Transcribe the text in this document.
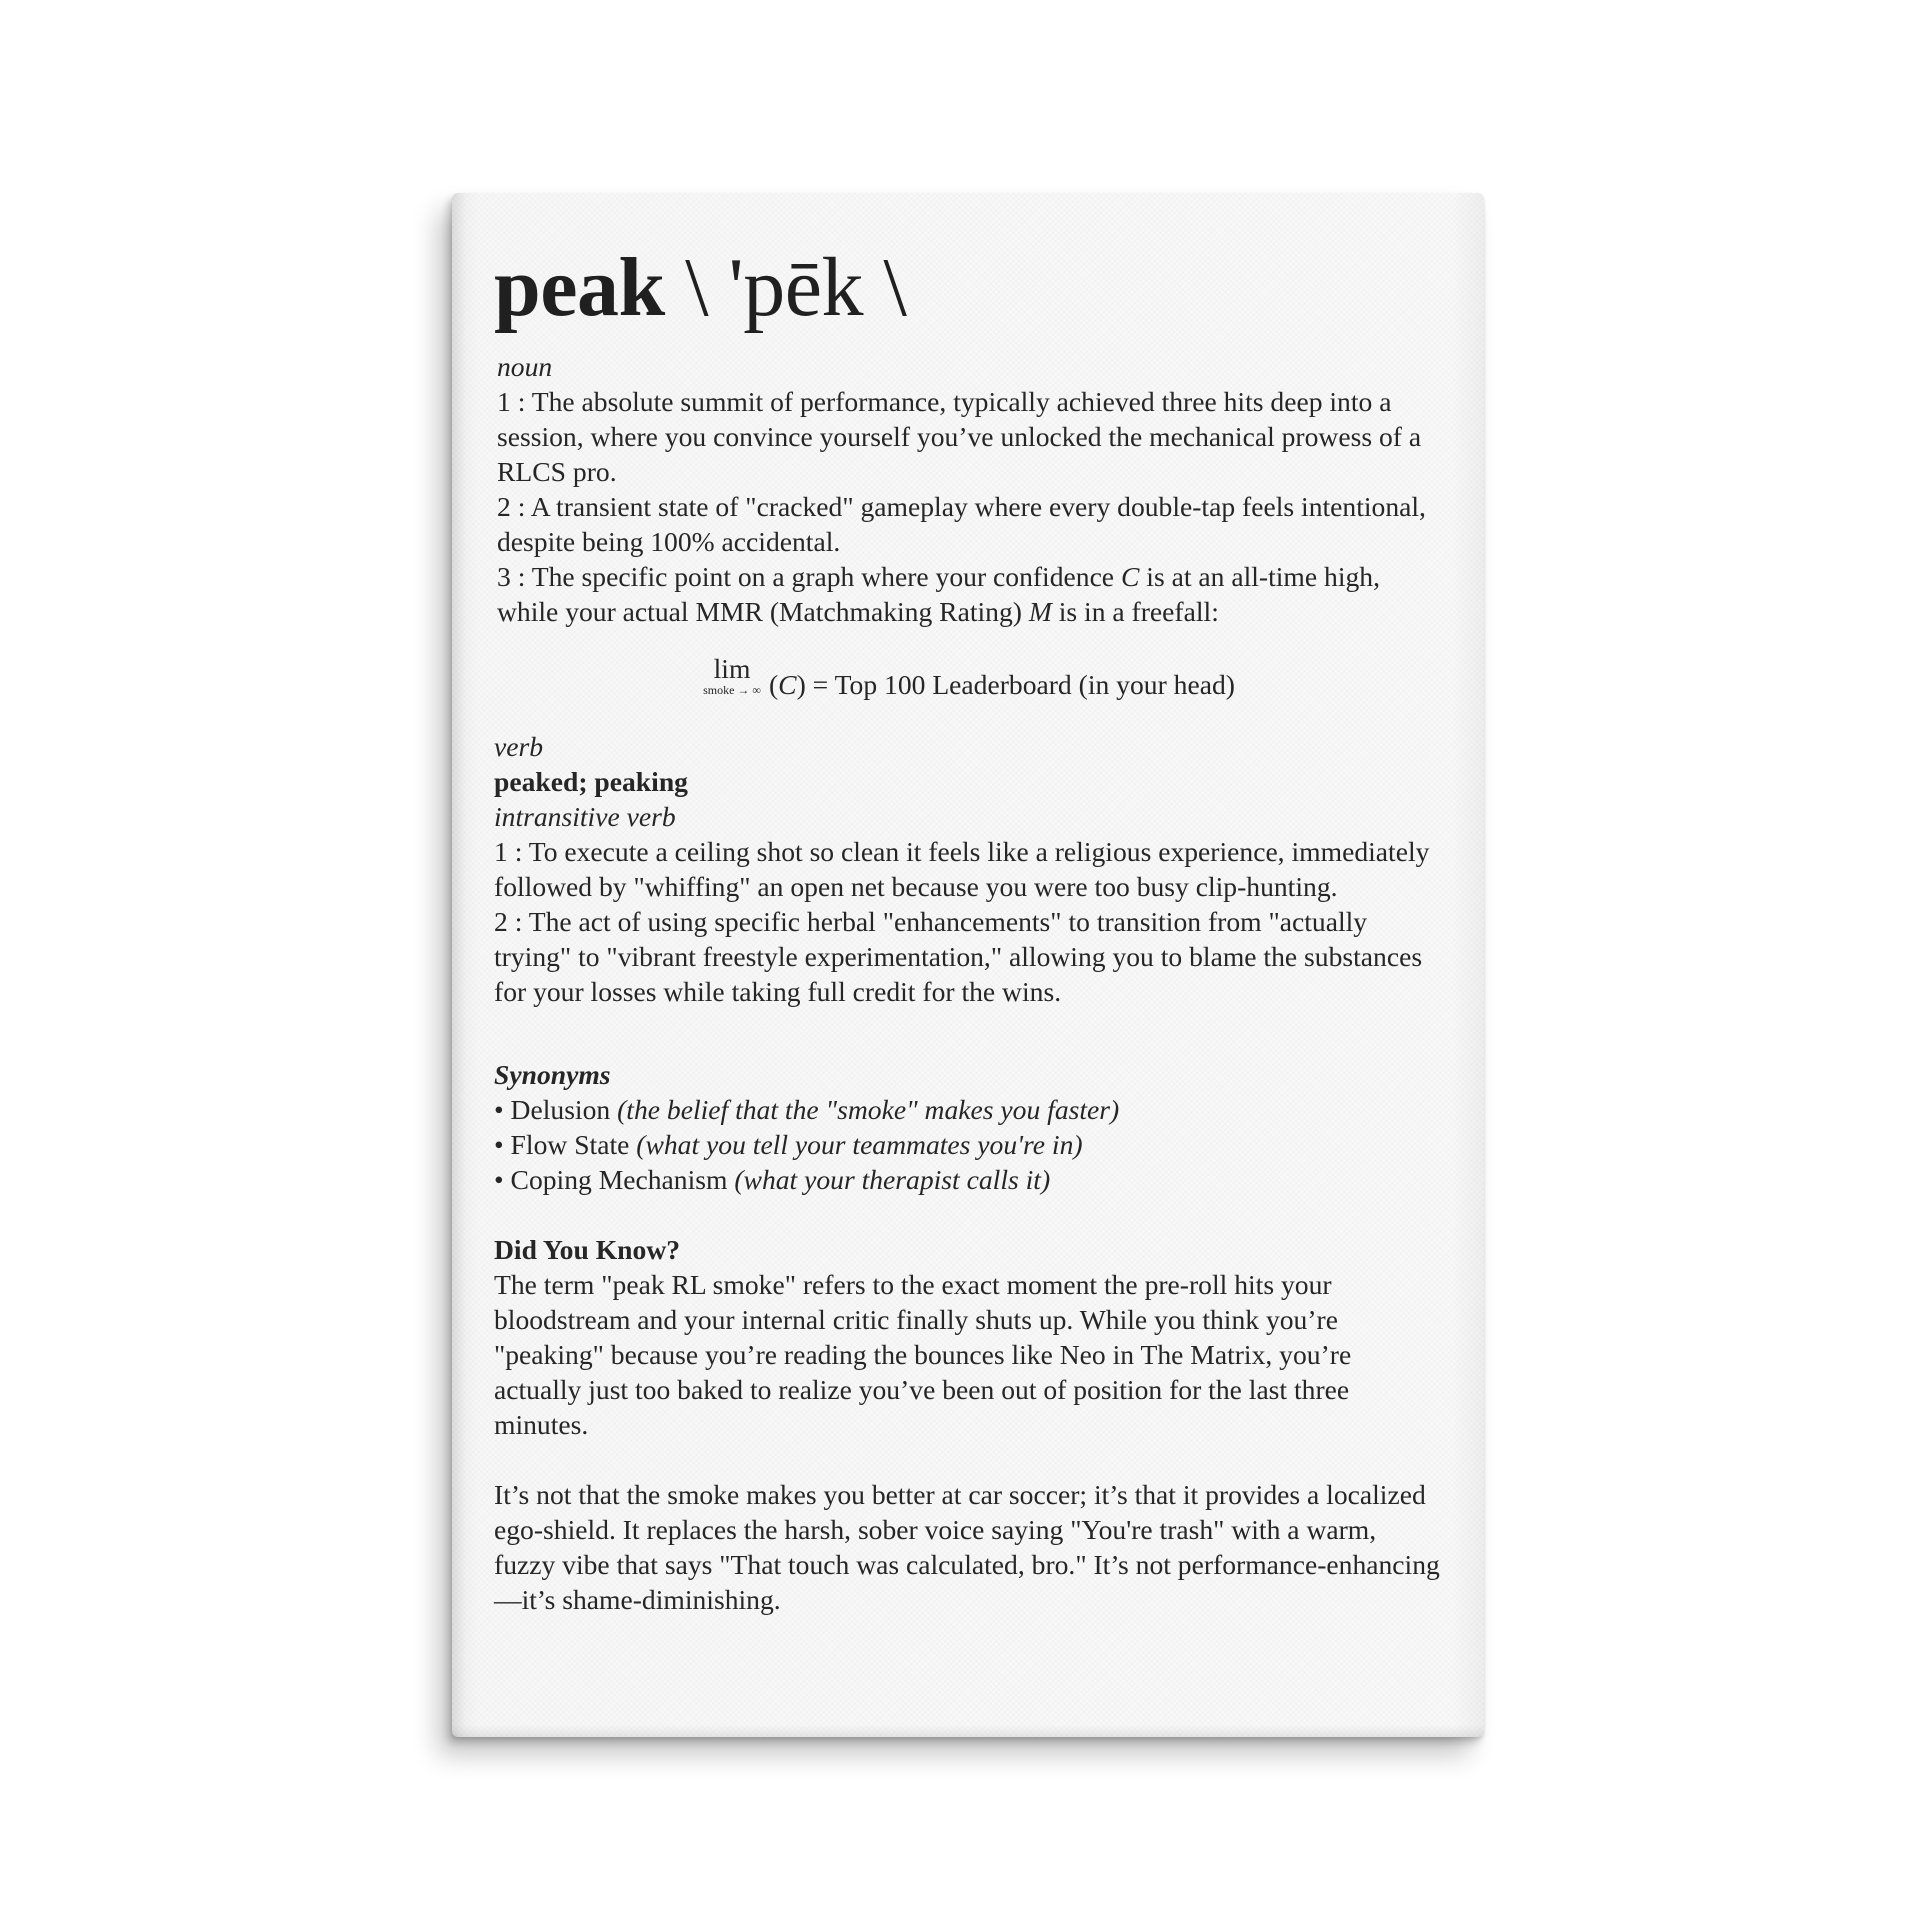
peak \ 'pēk \

noun

1 : The absolute summit of performance, typically achieved three hits deep into a session, where you convince yourself you’ve unlocked the mechanical prowess of a RLCS pro.

2 : A transient state of "cracked" gameplay where every double-tap feels intentional, despite being 100% accidental.

3 : The specific point on a graph where your confidence C is at an all-time high, while your actual MMR (Matchmaking Rating) M is in a freefall:

lim
smoke → ∞ (C) = Top 100 Leaderboard (in your head)

verb

peaked; peaking

intransitive verb

1 : To execute a ceiling shot so clean it feels like a religious experience, immediately followed by "whiffing" an open net because you were too busy clip-hunting.

2 : The act of using specific herbal "enhancements" to transition from "actually trying" to "vibrant freestyle experimentation," allowing you to blame the substances for your losses while taking full credit for the wins.

Synonyms

• Delusion (the belief that the "smoke" makes you faster)

• Flow State (what you tell your teammates you're in)

• Coping Mechanism (what your therapist calls it)

Did You Know?

The term "peak RL smoke" refers to the exact moment the pre-roll hits your bloodstream and your internal critic finally shuts up. While you think you’re "peaking" because you’re reading the bounces like Neo in The Matrix, you’re actually just too baked to realize you’ve been out of position for the last three minutes.

It’s not that the smoke makes you better at car soccer; it’s that it provides a localized ego-shield. It replaces the harsh, sober voice saying "You're trash" with a warm, fuzzy vibe that says "That touch was calculated, bro." It’s not performance-enhancing—it’s shame-diminishing.
